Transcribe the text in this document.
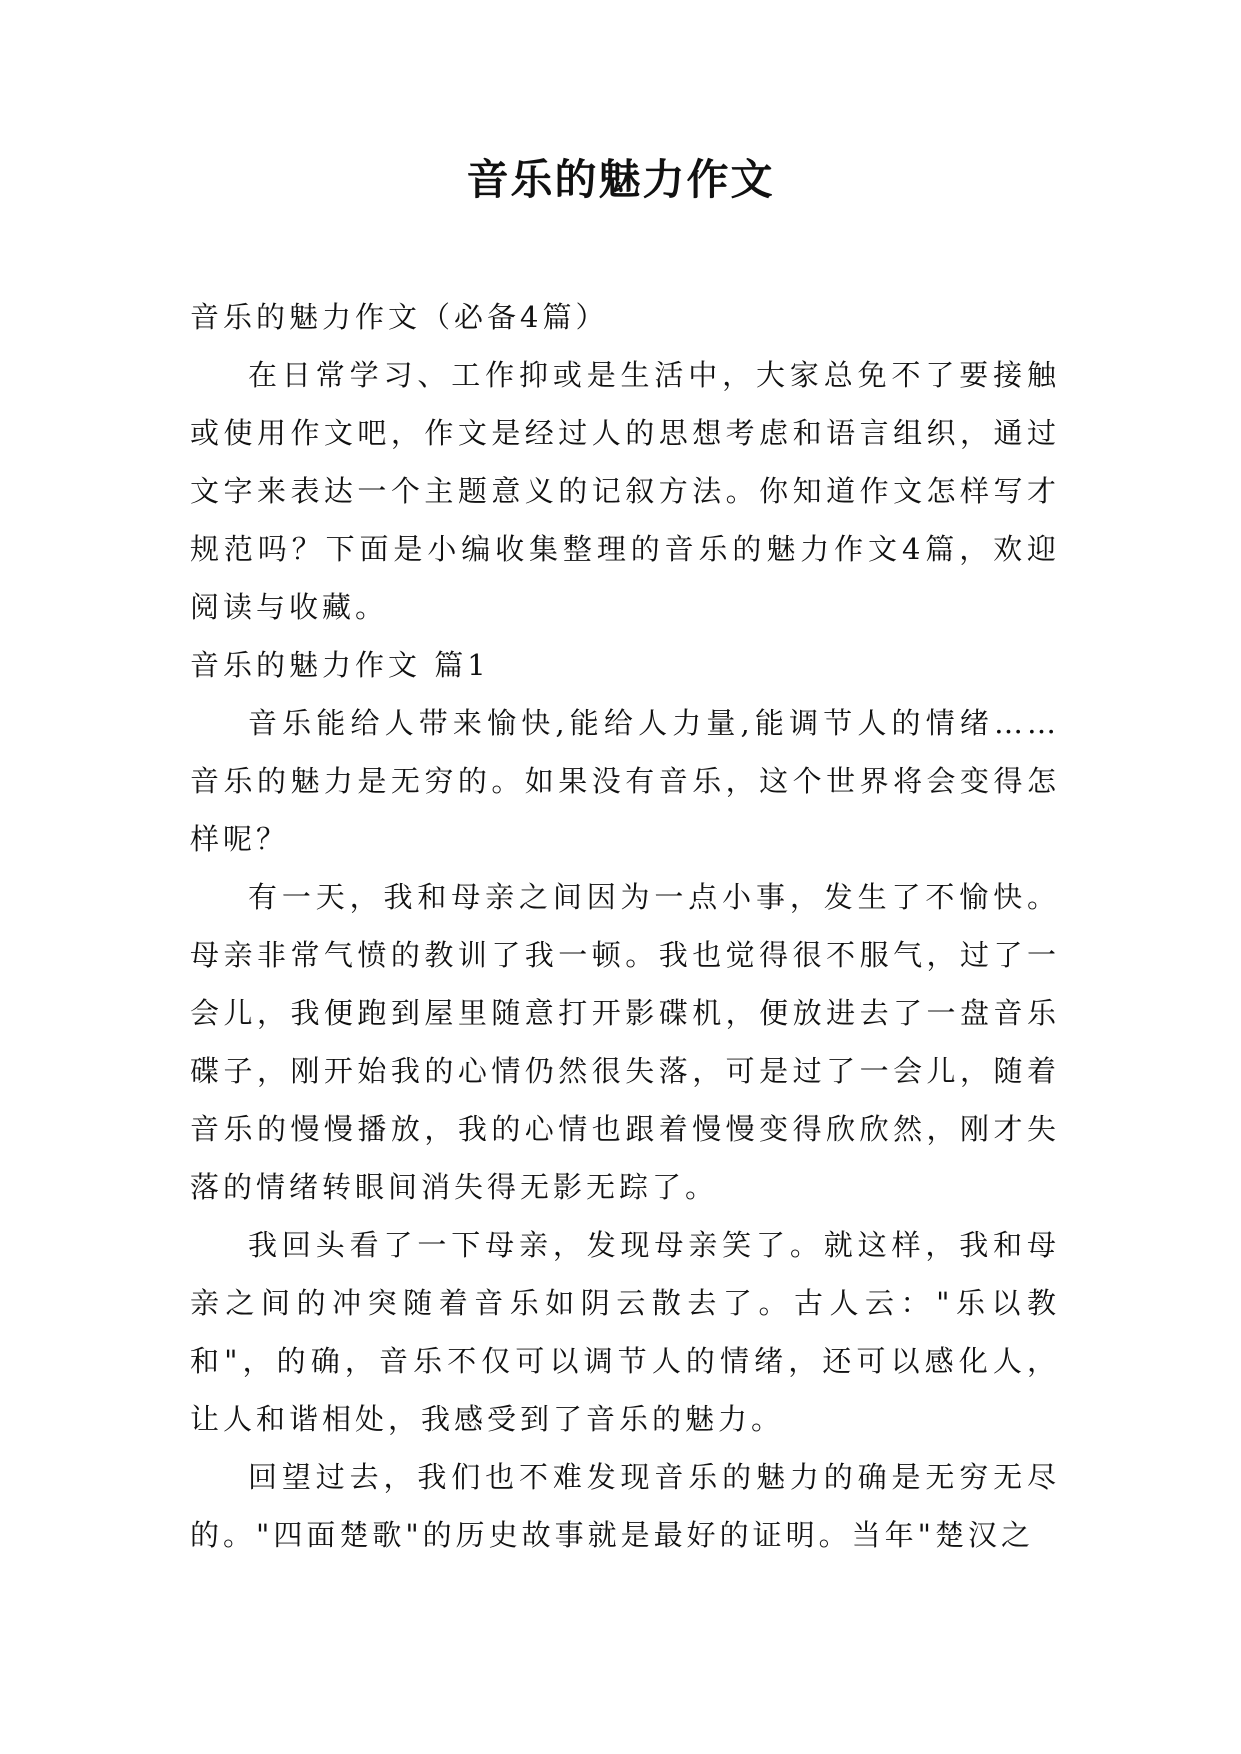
音乐的魅力作文

音乐的魅力作文（必备4篇）

在日常学习、工作抑或是生活中，大家总免不了要接触或使用作文吧，作文是经过人的思想考虑和语言组织，通过文字来表达一个主题意义的记叙方法。你知道作文怎样写才规范吗？下面是小编收集整理的音乐的魅力作文4篇，欢迎阅读与收藏。

音乐的魅力作文 篇1

音乐能给人带来愉快,能给人力量,能调节人的情绪……音乐的魅力是无穷的。如果没有音乐，这个世界将会变得怎样呢？

有一天，我和母亲之间因为一点小事，发生了不愉快。母亲非常气愤的教训了我一顿。我也觉得很不服气，过了一会儿，我便跑到屋里随意打开影碟机，便放进去了一盘音乐碟子，刚开始我的心情仍然很失落，可是过了一会儿，随着音乐的慢慢播放，我的心情也跟着慢慢变得欣欣然，刚才失落的情绪转眼间消失得无影无踪了。

我回头看了一下母亲，发现母亲笑了。就这样，我和母亲之间的冲突随着音乐如阴云散去了。古人云："乐以教和"，的确，音乐不仅可以调节人的情绪，还可以感化人，让人和谐相处，我感受到了音乐的魅力。

回望过去，我们也不难发现音乐的魅力的确是无穷无尽的。"四面楚歌"的历史故事就是最好的证明。当年"楚汉之
